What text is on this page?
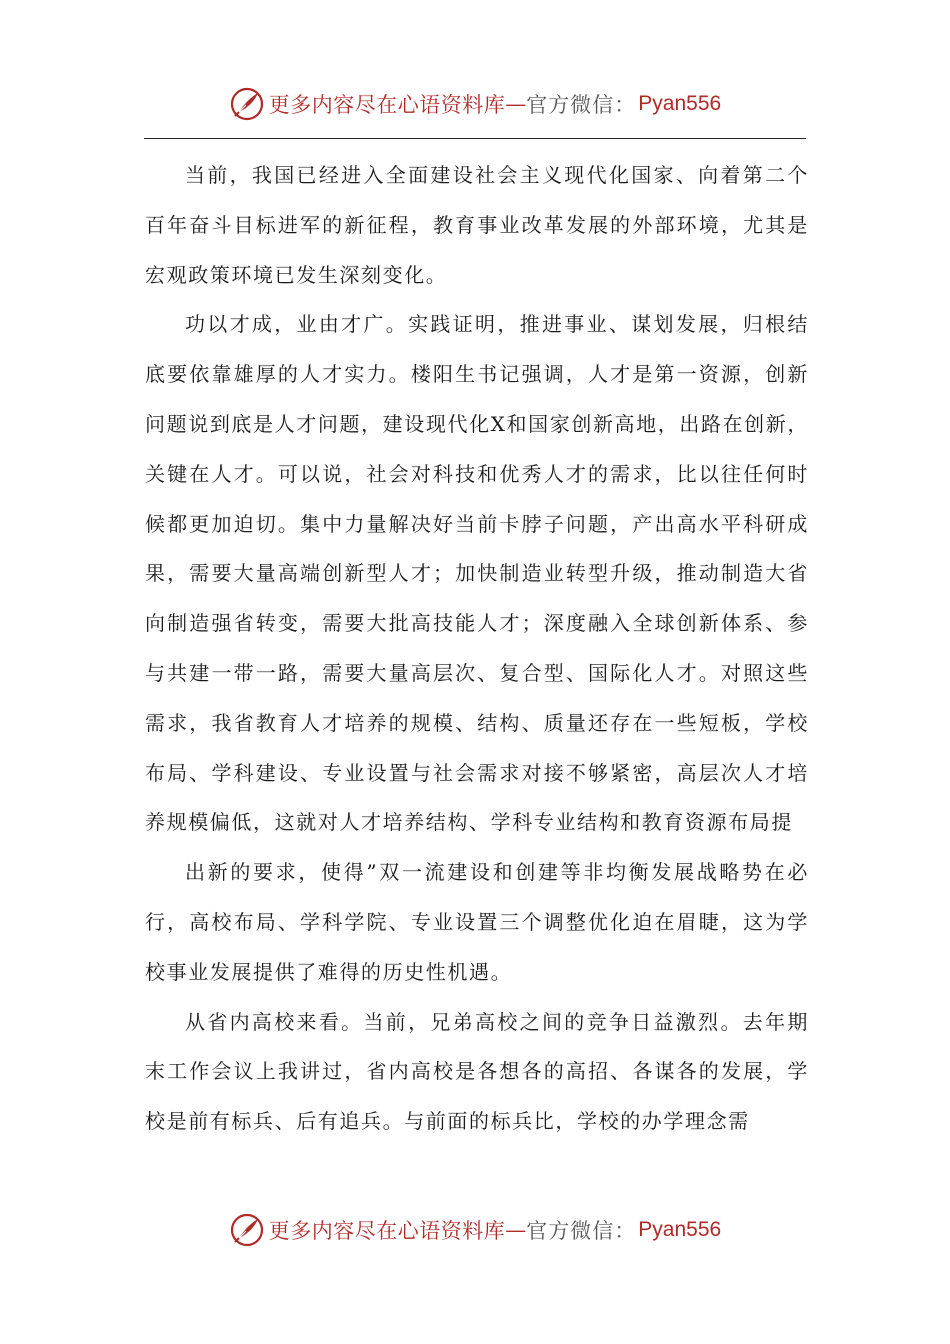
更多内容尽在心语资料库 — 官方微信： Pyan556

当前，我国已经进入全面建设社会主义现代化国家、向着第二个百年奋斗目标进军的新征程，教育事业改革发展的外部环境，尤其是宏观政策环境已发生深刻变化。

功以才成，业由才广。实践证明，推进事业、谋划发展，归根结底要依靠雄厚的人才实力。楼阳生书记强调，人才是第一资源，创新问题说到底是人才问题，建设现代化X和国家创新高地，出路在创新，关键在人才。可以说，社会对科技和优秀人才的需求，比以往任何时候都更加迫切。集中力量解决好当前卡脖子问题，产出高水平科研成果，需要大量高端创新型人才；加快制造业转型升级，推动制造大省向制造强省转变，需要大批高技能人才；深度融入全球创新体系、参与共建一带一路，需要大量高层次、复合型、国际化人才。对照这些需求，我省教育人才培养的规模、结构、质量还存在一些短板，学校布局、学科建设、专业设置与社会需求对接不够紧密，高层次人才培养规模偏低，这就对人才培养结构、学科专业结构和教育资源布局提

出新的要求，使得”双一流建设和创建等非均衡发展战略势在必行，高校布局、学科学院、专业设置三个调整优化迫在眉睫，这为学校事业发展提供了难得的历史性机遇。

从省内高校来看。当前，兄弟高校之间的竞争日益激烈。去年期末工作会议上我讲过，省内高校是各想各的高招、各谋各的发展，学校是前有标兵、后有追兵。与前面的标兵比，学校的办学理念需

更多内容尽在心语资料库 — 官方微信： Pyan556
